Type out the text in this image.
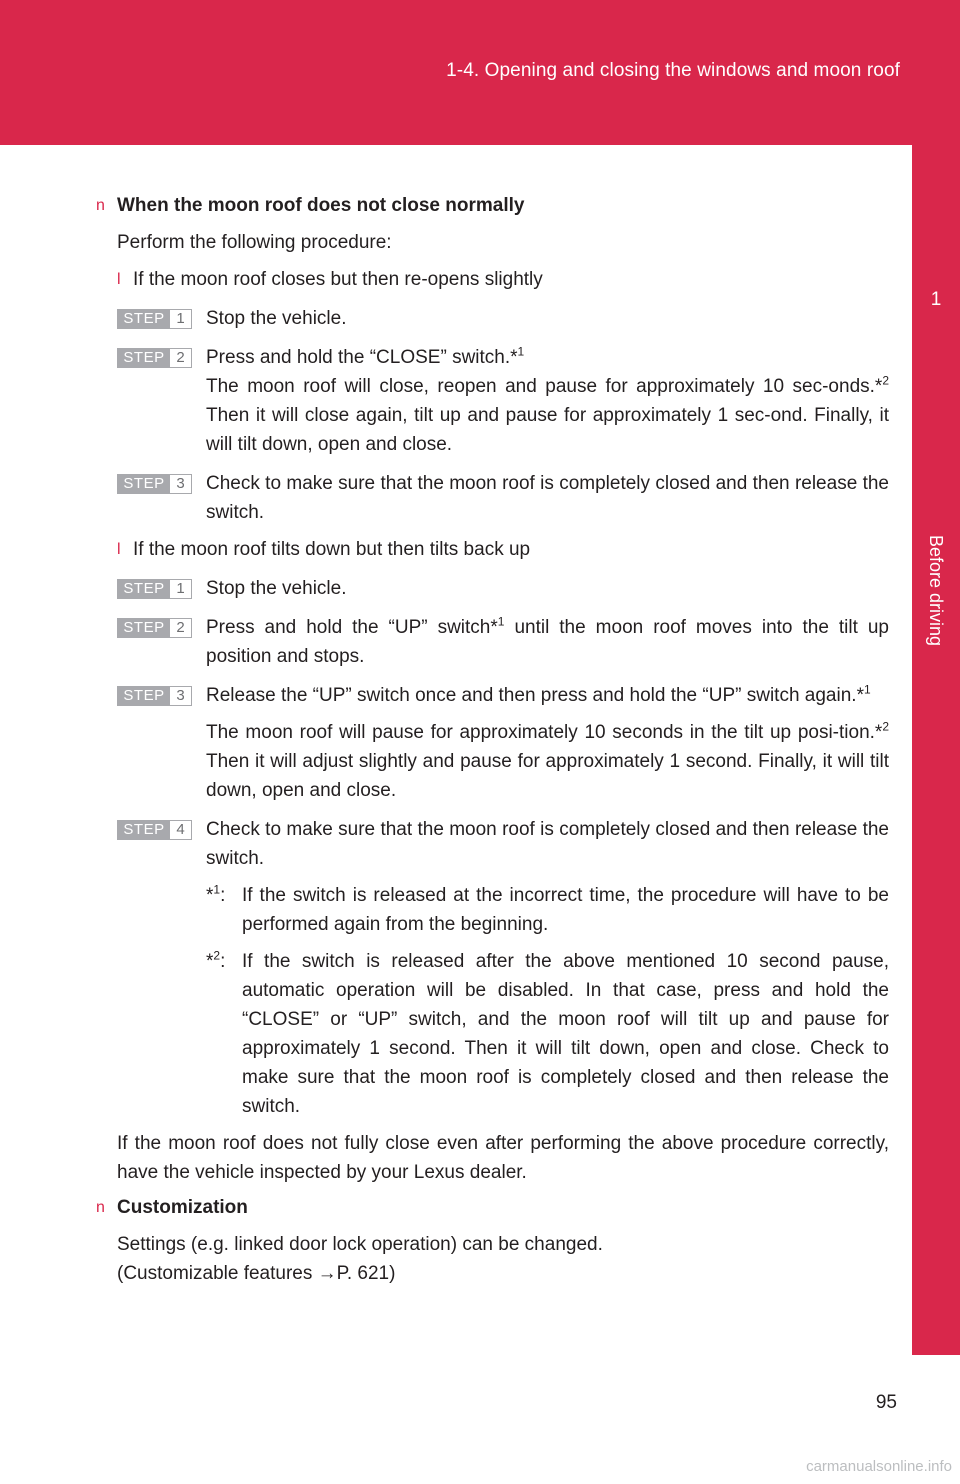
1-4. Opening and closing the windows and moon roof
1
Before driving
n When the moon roof does not close normally
Perform the following procedure:
l If the moon roof closes but then re-opens slightly
STEP 1	Stop the vehicle.
STEP 2	Press and hold the “CLOSE” switch.*$^1$
The moon roof will close, reopen and pause for approximately 10 sec-onds.*$^2$ Then it will close again, tilt up and pause for approximately 1 sec-ond. Finally, it will tilt down, open and close.
STEP 3	Check to make sure that the moon roof is completely closed and then release the switch.
l If the moon roof tilts down but then tilts back up
STEP 1	Stop the vehicle.
STEP 2	Press and hold the “UP” switch*$^1$ until the moon roof moves into the tilt up position and stops.
STEP 3	Release the “UP” switch once and then press and hold the “UP” switch again.*$^1$
The moon roof will pause for approximately 10 seconds in the tilt up posi-tion.*$^2$ Then it will adjust slightly and pause for approximately 1 second. Finally, it will tilt down, open and close.
STEP 4	Check to make sure that the moon roof is completely closed and then release the switch.
*$^1$: If the switch is released at the incorrect time, the procedure will have to be performed again from the beginning.
*$^2$: If the switch is released after the above mentioned 10 second pause, automatic operation will be disabled. In that case, press and hold the “CLOSE” or “UP” switch, and the moon roof will tilt up and pause for approximately 1 second. Then it will tilt down, open and close. Check to make sure that the moon roof is completely closed and then release the switch.
If the moon roof does not fully close even after performing the above procedure correctly, have the vehicle inspected by your Lexus dealer.
n Customization
Settings (e.g. linked door lock operation) can be changed.
(Customizable features →P. 621)
95
carmanualsonline.info
